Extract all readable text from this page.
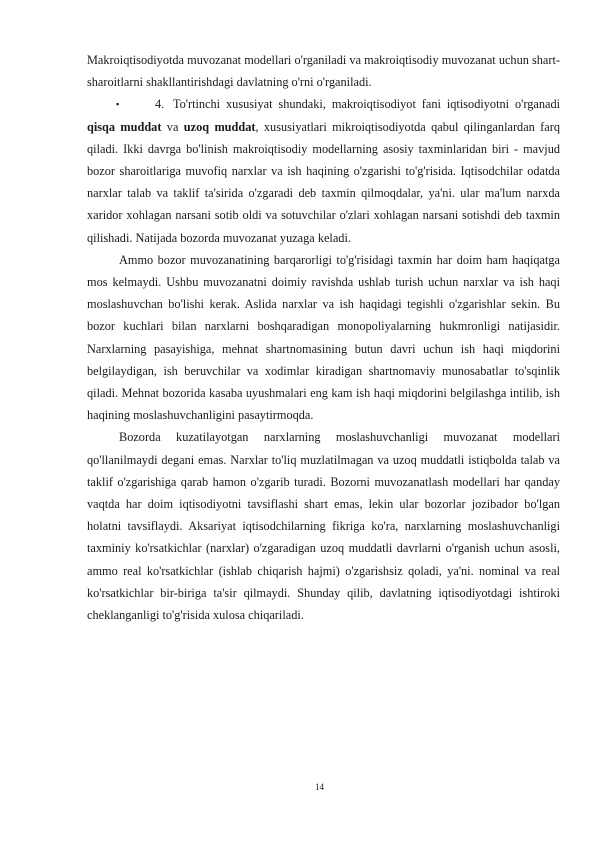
Makroiqtisodiyotda muvozanat modellari o'rganiladi va makroiqtisodiy muvozanat uchun shart-sharoitlarni shakllantirishdagi davlatning o'rni o'rganiladi.

▪	4. To'rtinchi xususiyat shundaki, makroiqtisodiyot fani iqtisodiyotni o'rganadi qisqa muddat va uzoq muddat, xususiyatlari mikroiqtisodiyotda qabul qilinganlardan farq qiladi. Ikki davrga bo'linish makroiqtisodiy modellarning asosiy taxminlaridan biri - mavjud bozor sharoitlariga muvofiq narxlar va ish haqining o'zgarishi to'g'risida. Iqtisodchilar odatda narxlar talab va taklif ta'sirida o'zgaradi deb taxmin qilmoqdalar, ya'ni. ular ma'lum narxda xaridor xohlagan narsani sotib oldi va sotuvchilar o'zlari xohlagan narsani sotishdi deb taxmin qilishadi. Natijada bozorda muvozanat yuzaga keladi.

Ammo bozor muvozanatining barqarorligi to'g'risidagi taxmin har doim ham haqiqatga mos kelmaydi. Ushbu muvozanatni doimiy ravishda ushlab turish uchun narxlar va ish haqi moslashuvchan bo'lishi kerak. Aslida narxlar va ish haqidagi tegishli o'zgarishlar sekin. Bu bozor kuchlari bilan narxlarni boshqaradigan monopoliyalarning hukmronligi natijasidir. Narxlarning pasayishiga, mehnat shartnomasining butun davri uchun ish haqi miqdorini belgilaydigan, ish beruvchilar va xodimlar kiradigan shartnomaviy munosabatlar to'sqinlik qiladi. Mehnat bozorida kasaba uyushmalari eng kam ish haqi miqdorini belgilashga intilib, ish haqining moslashuvchanligini pasaytirmoqda.

Bozorda kuzatilayotgan narxlarning moslashuvchanligi muvozanat modellari qo'llanilmaydi degani emas. Narxlar to'liq muzlatilmagan va uzoq muddatli istiqbolda talab va taklif o'zgarishiga qarab hamon o'zgarib turadi. Bozorni muvozanatlash modellari har qanday vaqtda har doim iqtisodiyotni tavsiflashi shart emas, lekin ular bozorlar jozibador bo'lgan holatni tavsiflaydi. Aksariyat iqtisodchilarning fikriga ko'ra, narxlarning moslashuvchanligi taxminiy ko'rsatkichlar (narxlar) o'zgaradigan uzoq muddatli davrlarni o'rganish uchun asosli, ammo real ko'rsatkichlar (ishlab chiqarish hajmi) o'zgarishsiz qoladi, ya'ni. nominal va real ko'rsatkichlar bir-biriga ta'sir qilmaydi. Shunday qilib, davlatning iqtisodiyotdagi ishtiroki cheklanganligi to'g'risida xulosa chiqariladi.

14
